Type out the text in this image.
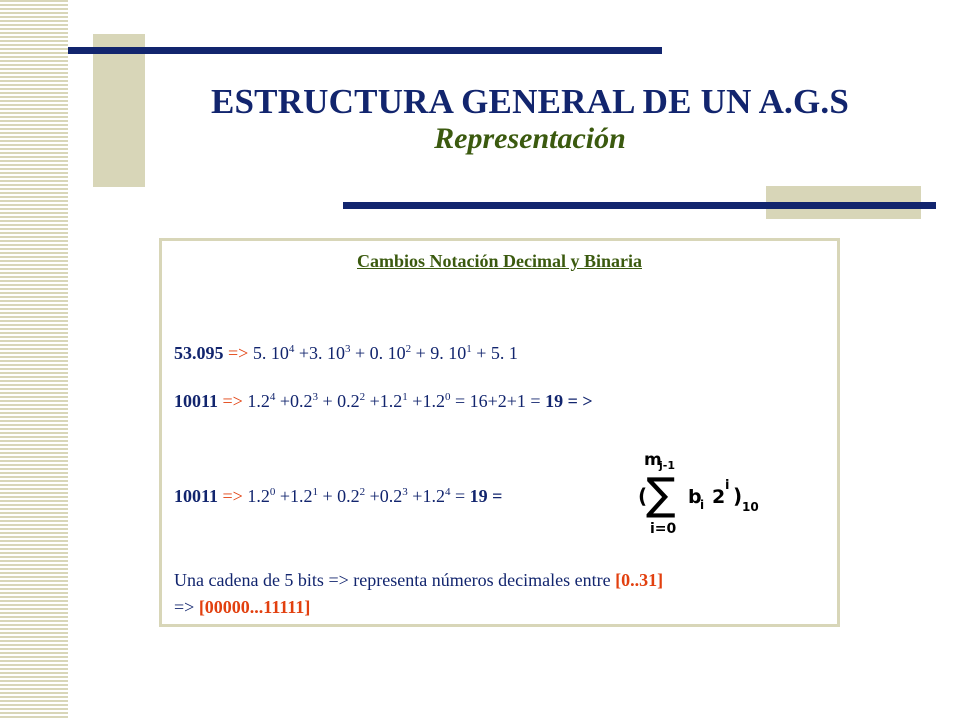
ESTRUCTURA GENERAL DE UN A.G.S
Representación
Cambios Notación Decimal y Binaria
53.095 => 5. $10^4 +3$. $10^3 + 0$. $10^2 + 9$. $10^1 + 5$. 1
$10011 => 1.2^4 +0.2^3 + 0.2^2 +1.2^1 +1.2^0 = 16+2+1 = 19$ = >
$10011 => 1.2^0 +1.2^1 + 0.2^2 +0.2^3 +1.2^4 = 19$ =	(
m
j-1
∑
i=0
b
i 2
i ) 10
Una cadena de 5 bits => representa números decimales entre [0..31]
=> [00000...11111]
